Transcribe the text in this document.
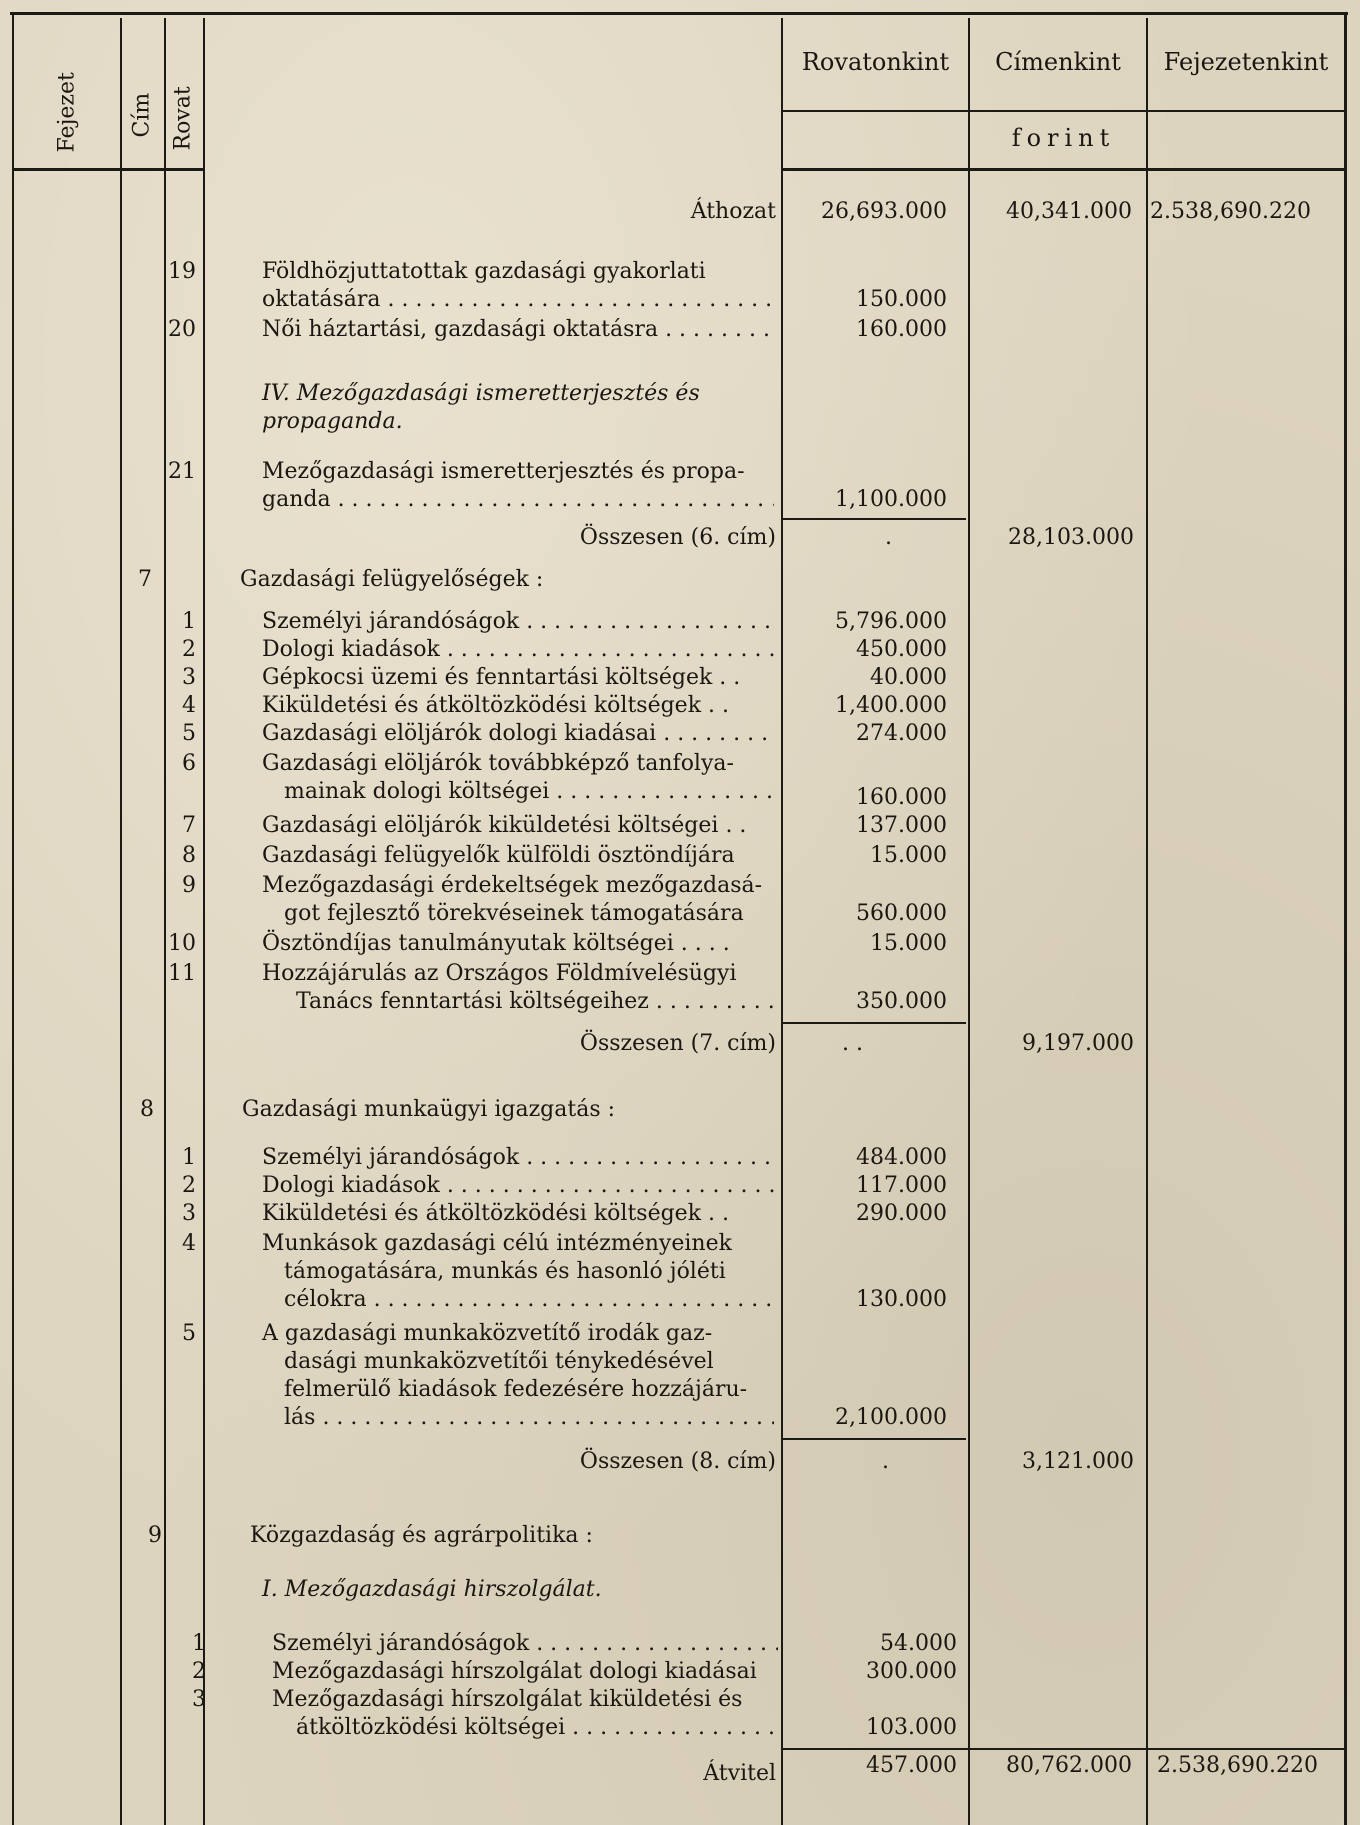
Fejezet Cím Rovat
Rovatonkint	Címenkint	Fejezetenkint
forint
Áthozat	26,693.000	40,341.000 2.538,690.220
19	Földhözjuttatottak gazdasági gyakorlati
oktatására . . .	150.000
20	Női háztartási, gazdasági oktatásra . . .	160.000
IV. Mezőgazdasági ismeretterjesztés és
propaganda.
21	Mezőgazdasági ismeretterjesztés és propa-
ganda . . .	1,100.000
Összesen (6. cím)	.	28,103.000
7	Gazdasági felügyelőségek :
1	Személyi járandóságok . . .	5,796.000
2	Dologi kiadások . . .	450.000
3	Gépkocsi üzemi és fenntartási költségek . .	40.000
4	Kiküldetési és átköltözködési költségek . .	1,400.000
5	Gazdasági elöljárók dologi kiadásai . . .	274.000
6	Gazdasági elöljárók továbbképző tanfolya-
mainak dologi költségei . . .	160.000
7	Gazdasági elöljárók kiküldetési költségei . .	137.000
8	Gazdasági felügyelők külföldi ösztöndíjára	15.000
9	Mezőgazdasági érdekeltségek mezőgazdasá-
got fejlesztő törekvéseinek támogatására	560.000
10	Ösztöndíjas tanulmányutak költségei . . . .	15.000
11	Hozzájárulás az Országos Földmívelésügyi
Tanács fenntartási költségeihez . . .	350.000
Összesen (7. cím)	. .	9,197.000
8	Gazdasági munkaügyi igazgatás :
1	Személyi járandóságok . . .	484.000
2	Dologi kiadások . . .	117.000
3	Kiküldetési és átköltözködési költségek . .	290.000
4	Munkások gazdasági célú intézményeinek
támogatására, munkás és hasonló jóléti
célokra . . .	130.000
5	A gazdasági munkaközvetítő irodák gaz-
dasági munkaközvetítői ténykedésével
felmerülő kiadások fedezésére hozzájáru-
lás . . .	2,100.000
Összesen (8. cím)	.	3,121.000
9	Közgazdaság és agrárpolitika :
I. Mezőgazdasági hirszolgálat.
1	Személyi járandóságok . . .	54.000
2	Mezőgazdasági hírszolgálat dologi kiadásai	300.000
3	Mezőgazdasági hírszolgálat kiküldetési és
átköltözködési költségei . . .	103.000
Átvitel	457.000	80,762.000	2.538,690.220
